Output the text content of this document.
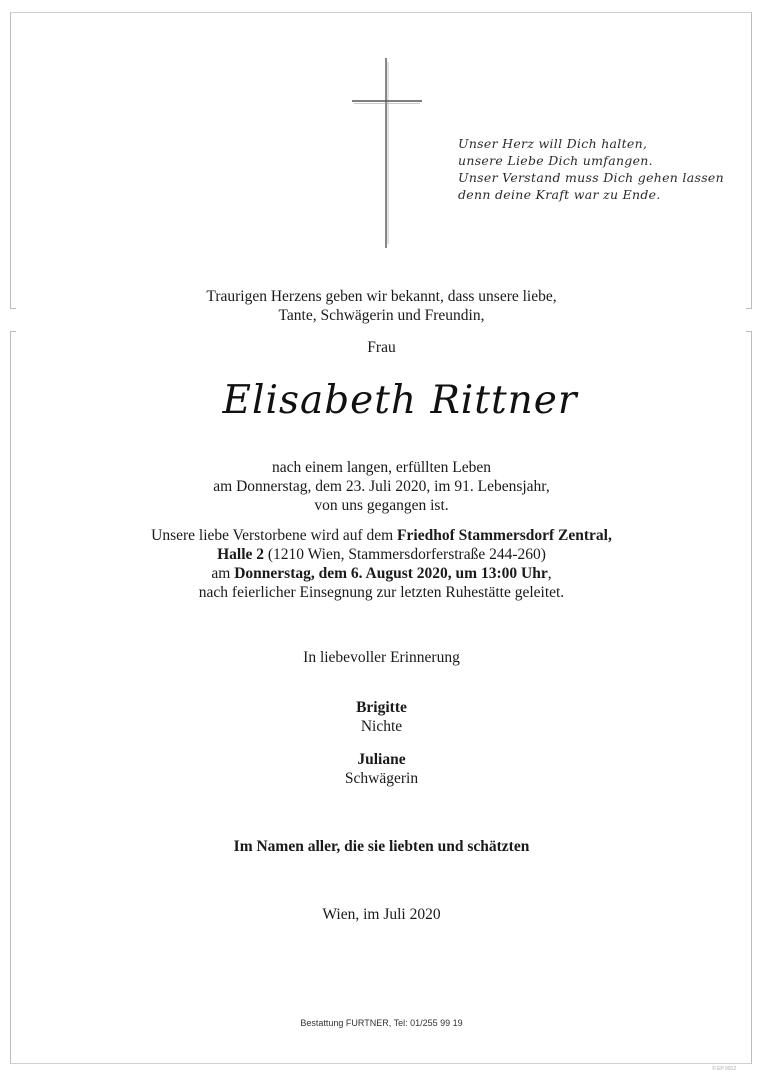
Unser Herz will Dich halten,
unsere Liebe Dich umfangen.
Unser Verstand muss Dich gehen lassen
denn deine Kraft war zu Ende.
Traurigen Herzens geben wir bekannt, dass unsere liebe,
Tante, Schwägerin und Freundin,
Frau
Elisabeth Rittner
nach einem langen, erfüllten Leben
am Donnerstag, dem 23. Juli 2020, im 91. Lebensjahr,
von uns gegangen ist.
Unsere liebe Verstorbene wird auf dem Friedhof Stammersdorf Zentral,
Halle 2 (1210 Wien, Stammersdorferstraße 244-260)
am Donnerstag, dem 6. August 2020, um 13:00 Uhr,
nach feierlicher Einsegnung zur letzten Ruhestätte geleitet.
In liebevoller Erinnerung
Brigitte
Nichte
Juliane
Schwägerin
Im Namen aller, die sie liebten und schätzten
Wien, im Juli 2020
Bestattung FURTNER, Tel: 01/255 99 19
© EP 9912
